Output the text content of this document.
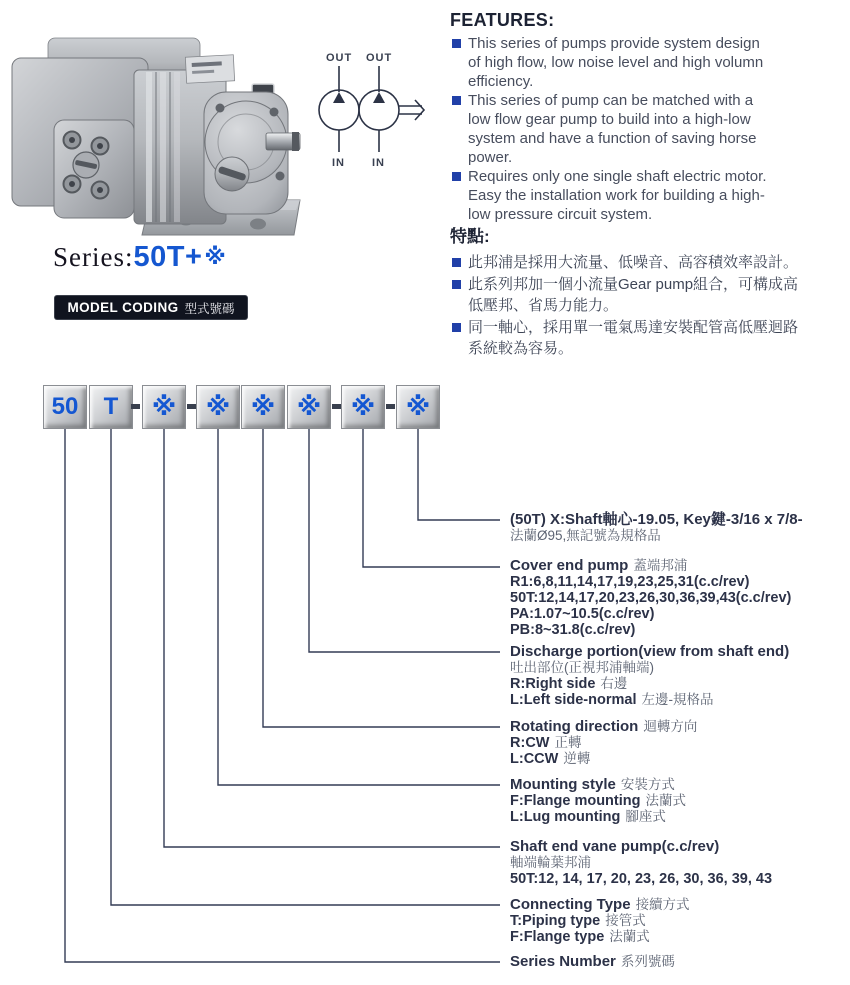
OUT OUT
IN IN
FEATURES:
This series of pumps provide system design
of high flow, low noise level and high volumn
efficiency.
This series of pump can be matched with a
low flow gear pump to build into a high-low
system and have a function of saving horse
power.
Requires only one single shaft electric motor.
Easy the installation work for building a high-
low pressure circuit system.
特點:
此邦浦是採用大流量、低噪音、高容積效率設計。
此系列邦加一個小流量Gear pump組合，可構成高
低壓邦、省馬力能力。
同一軸心，採用單一電氣馬達安裝配管高低壓迴路
系統較為容易。
Series:50T+※
MODEL CODING 型式號碼
50	T	※	※ ※ ※	※	※
(50T) X:Shaft軸心-19.05, Key鍵-3/16 x 7/8-
法蘭Ø95,無記號為規格品
Cover end pump 蓋端邦浦
R1:6,8,11,14,17,19,23,25,31(c.c/rev)
50T:12,14,17,20,23,26,30,36,39,43(c.c/rev)
PA:1.07~10.5(c.c/rev)
PB:8~31.8(c.c/rev)
Discharge portion(view from shaft end)
吐出部位(正視邦浦軸端)
R:Right side 右邊
L:Left side-normal 左邊-規格品
Rotating direction 迴轉方向
R:CW 正轉
L:CCW 逆轉
Mounting style 安裝方式
F:Flange mounting 法蘭式
L:Lug mounting 腳座式
Shaft end vane pump(c.c/rev)
軸端輪葉邦浦
50T:12, 14, 17, 20, 23, 26, 30, 36, 39, 43
Connecting Type 接續方式
T:Piping type 接管式
F:Flange type 法蘭式
Series Number 系列號碼
